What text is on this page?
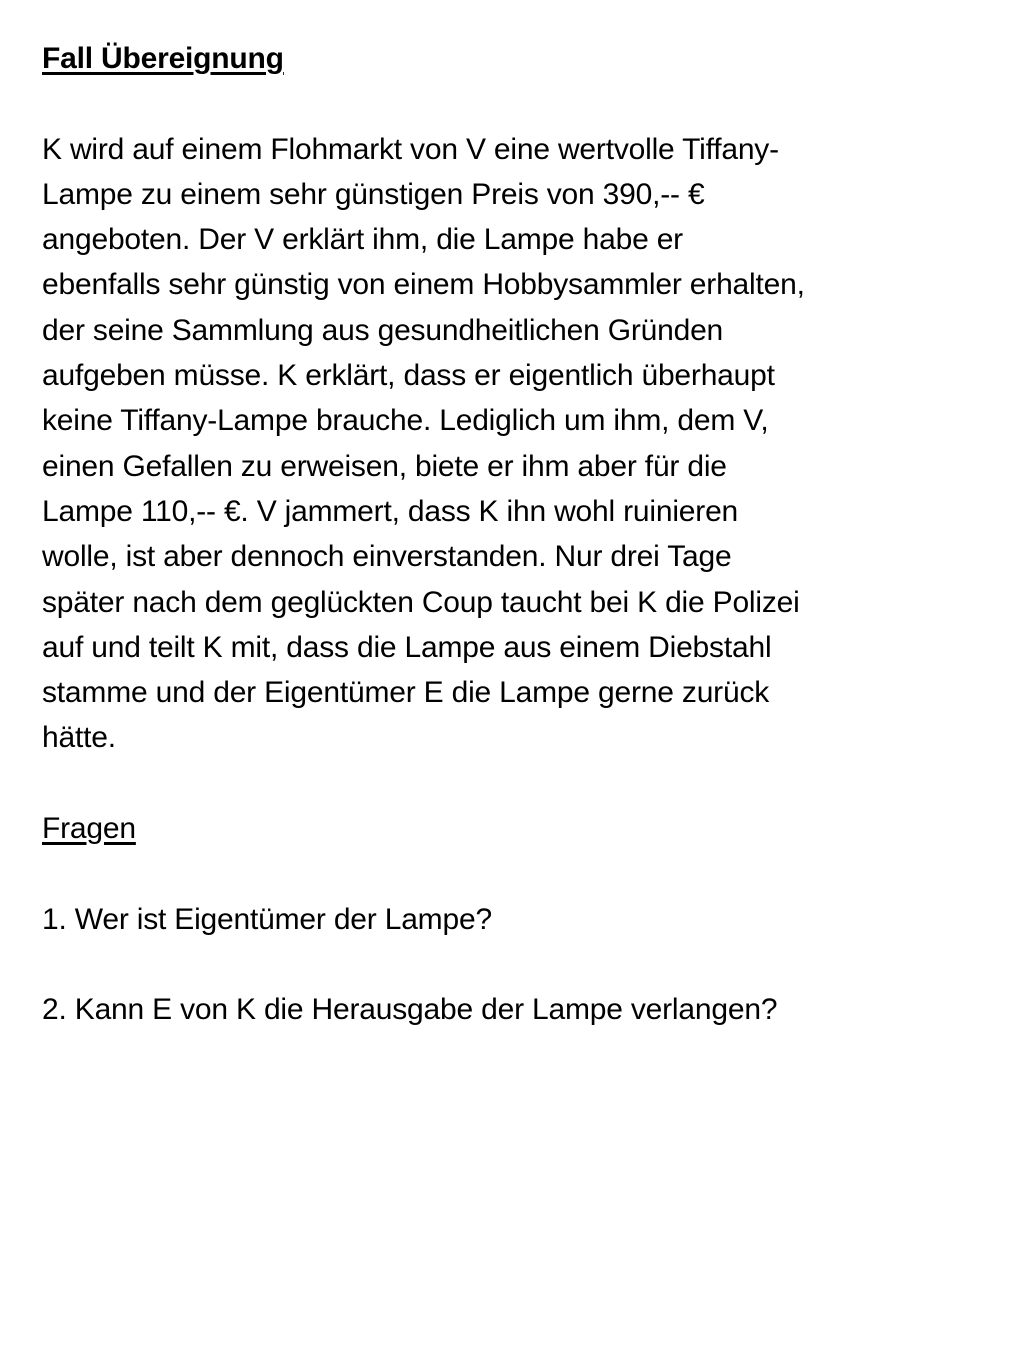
Fall Übereignung
K wird auf einem Flohmarkt von V eine wertvolle Tiffany-
Lampe zu einem sehr günstigen Preis von 390,-- €
angeboten. Der V erklärt ihm, die Lampe habe er
ebenfalls sehr günstig von einem Hobbysammler erhalten,
der seine Sammlung aus gesundheitlichen Gründen
aufgeben müsse. K erklärt, dass er eigentlich überhaupt
keine Tiffany-Lampe brauche. Lediglich um ihm, dem V,
einen Gefallen zu erweisen, biete er ihm aber für die
Lampe 110,-- €. V jammert, dass K ihn wohl ruinieren
wolle, ist aber dennoch einverstanden. Nur drei Tage
später nach dem geglückten Coup taucht bei K die Polizei
auf und teilt K mit, dass die Lampe aus einem Diebstahl
stamme und der Eigentümer E die Lampe gerne zurück
hätte.
Fragen
1. Wer ist Eigentümer der Lampe?
2. Kann E von K die Herausgabe der Lampe verlangen?
